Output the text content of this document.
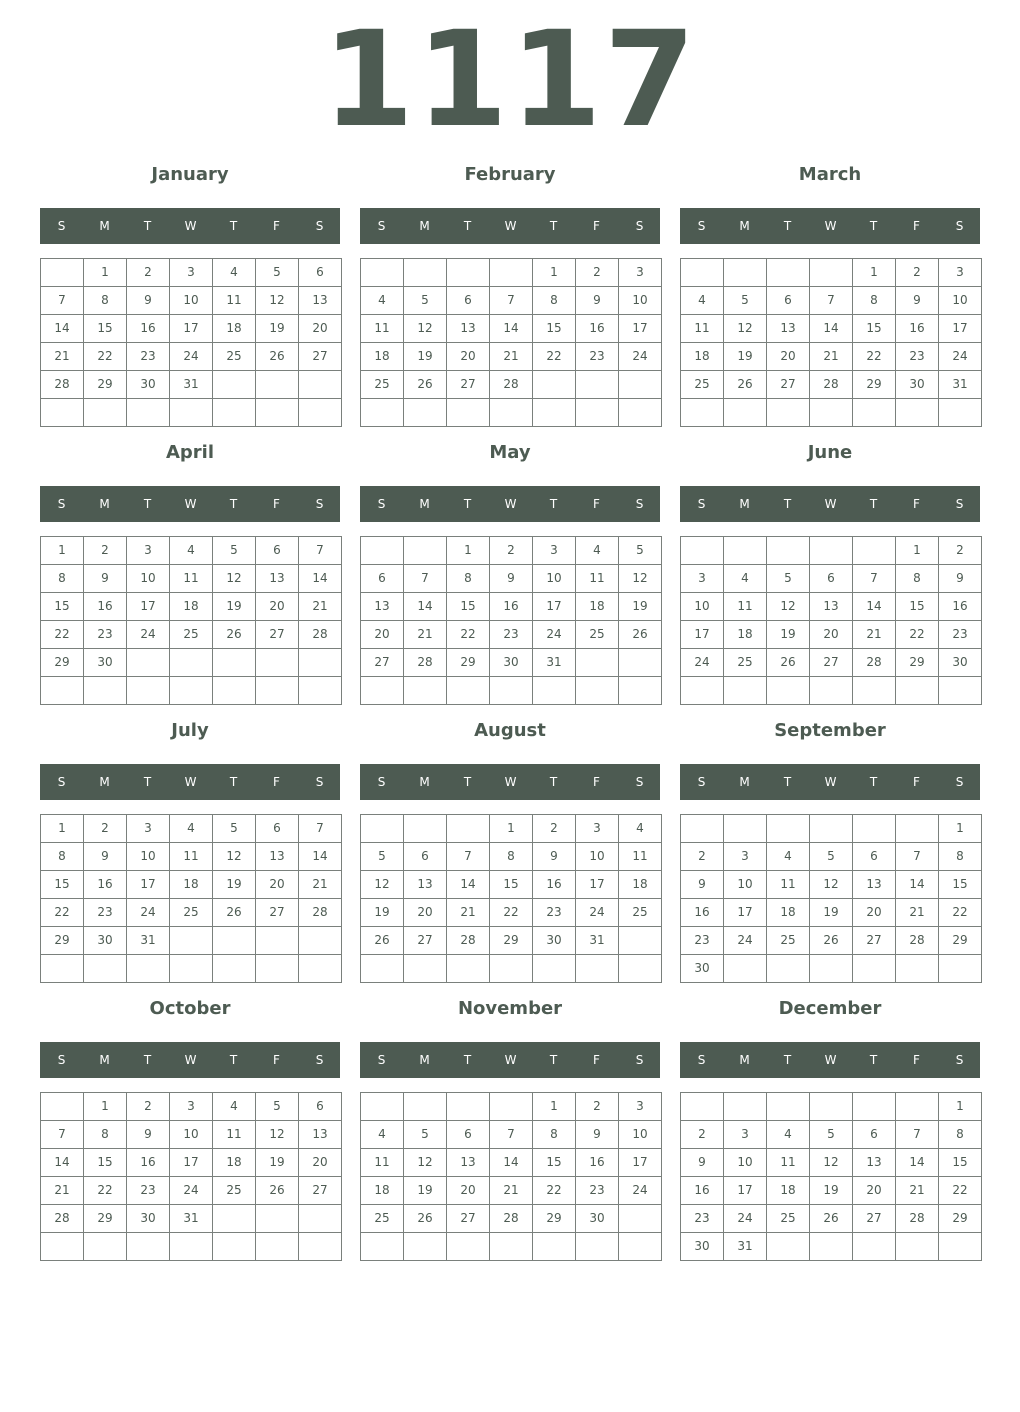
1117
January
S	M	T	W	T	F	S
	1	2	3	4	5	6
7	8	9	10	11	12	13
14	15	16	17	18	19	20
21	22	23	24	25	26	27
28	29	30	31			

February
S	M	T	W	T	F	S
				1	2	3
4	5	6	7	8	9	10
11	12	13	14	15	16	17
18	19	20	21	22	23	24
25	26	27	28			

March
S	M	T	W	T	F	S
				1	2	3
4	5	6	7	8	9	10
11	12	13	14	15	16	17
18	19	20	21	22	23	24
25	26	27	28	29	30	31

April
S	M	T	W	T	F	S
1	2	3	4	5	6	7
8	9	10	11	12	13	14
15	16	17	18	19	20	21
22	23	24	25	26	27	28
29	30					

May
S	M	T	W	T	F	S
		1	2	3	4	5
6	7	8	9	10	11	12
13	14	15	16	17	18	19
20	21	22	23	24	25	26
27	28	29	30	31		

June
S	M	T	W	T	F	S
					1	2
3	4	5	6	7	8	9
10	11	12	13	14	15	16
17	18	19	20	21	22	23
24	25	26	27	28	29	30

July
S	M	T	W	T	F	S
1	2	3	4	5	6	7
8	9	10	11	12	13	14
15	16	17	18	19	20	21
22	23	24	25	26	27	28
29	30	31				

August
S	M	T	W	T	F	S
			1	2	3	4
5	6	7	8	9	10	11
12	13	14	15	16	17	18
19	20	21	22	23	24	25
26	27	28	29	30	31	

September
S	M	T	W	T	F	S
						1
2	3	4	5	6	7	8
9	10	11	12	13	14	15
16	17	18	19	20	21	22
23	24	25	26	27	28	29
30						
October
S	M	T	W	T	F	S
	1	2	3	4	5	6
7	8	9	10	11	12	13
14	15	16	17	18	19	20
21	22	23	24	25	26	27
28	29	30	31			

November
S	M	T	W	T	F	S
				1	2	3
4	5	6	7	8	9	10
11	12	13	14	15	16	17
18	19	20	21	22	23	24
25	26	27	28	29	30	

December
S	M	T	W	T	F	S
						1
2	3	4	5	6	7	8
9	10	11	12	13	14	15
16	17	18	19	20	21	22
23	24	25	26	27	28	29
30	31					
